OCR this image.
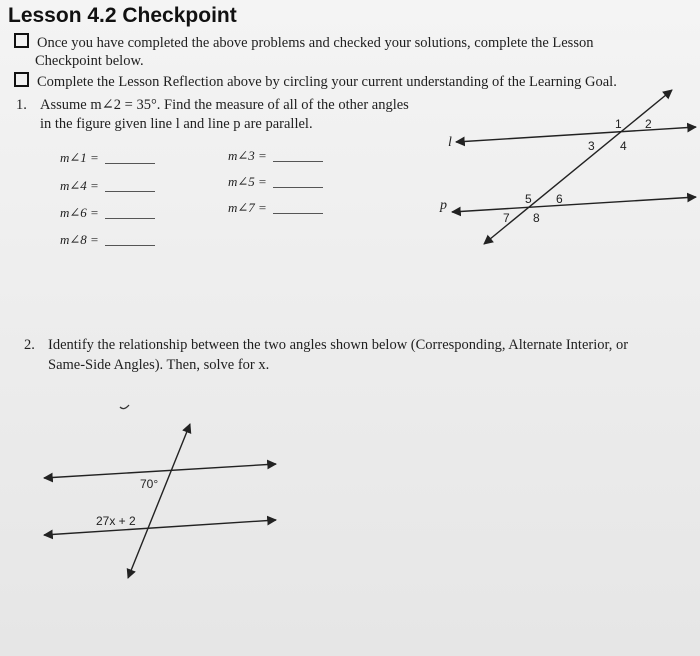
Lesson 4.2 Checkpoint
Once you have completed the above problems and checked your solutions, complete the Lesson
Checkpoint below.
Complete the Lesson Reflection above by circling your current understanding of the Learning Goal.
1. Assume m∠2 = 35°. Find the measure of all of the other angles
in the figure given line l and line p are parallel.
m∠1 =	m∠3 =
m∠4 =	m∠5 =
m∠6 =	m∠7 =
m∠8 =
2. Identify the relationship between the two angles shown below (Corresponding, Alternate Interior, or
Same-Side Angles). Then, solve for x.
l
p
1 2
3 4
5 6
7 8
70°
27x + 2
